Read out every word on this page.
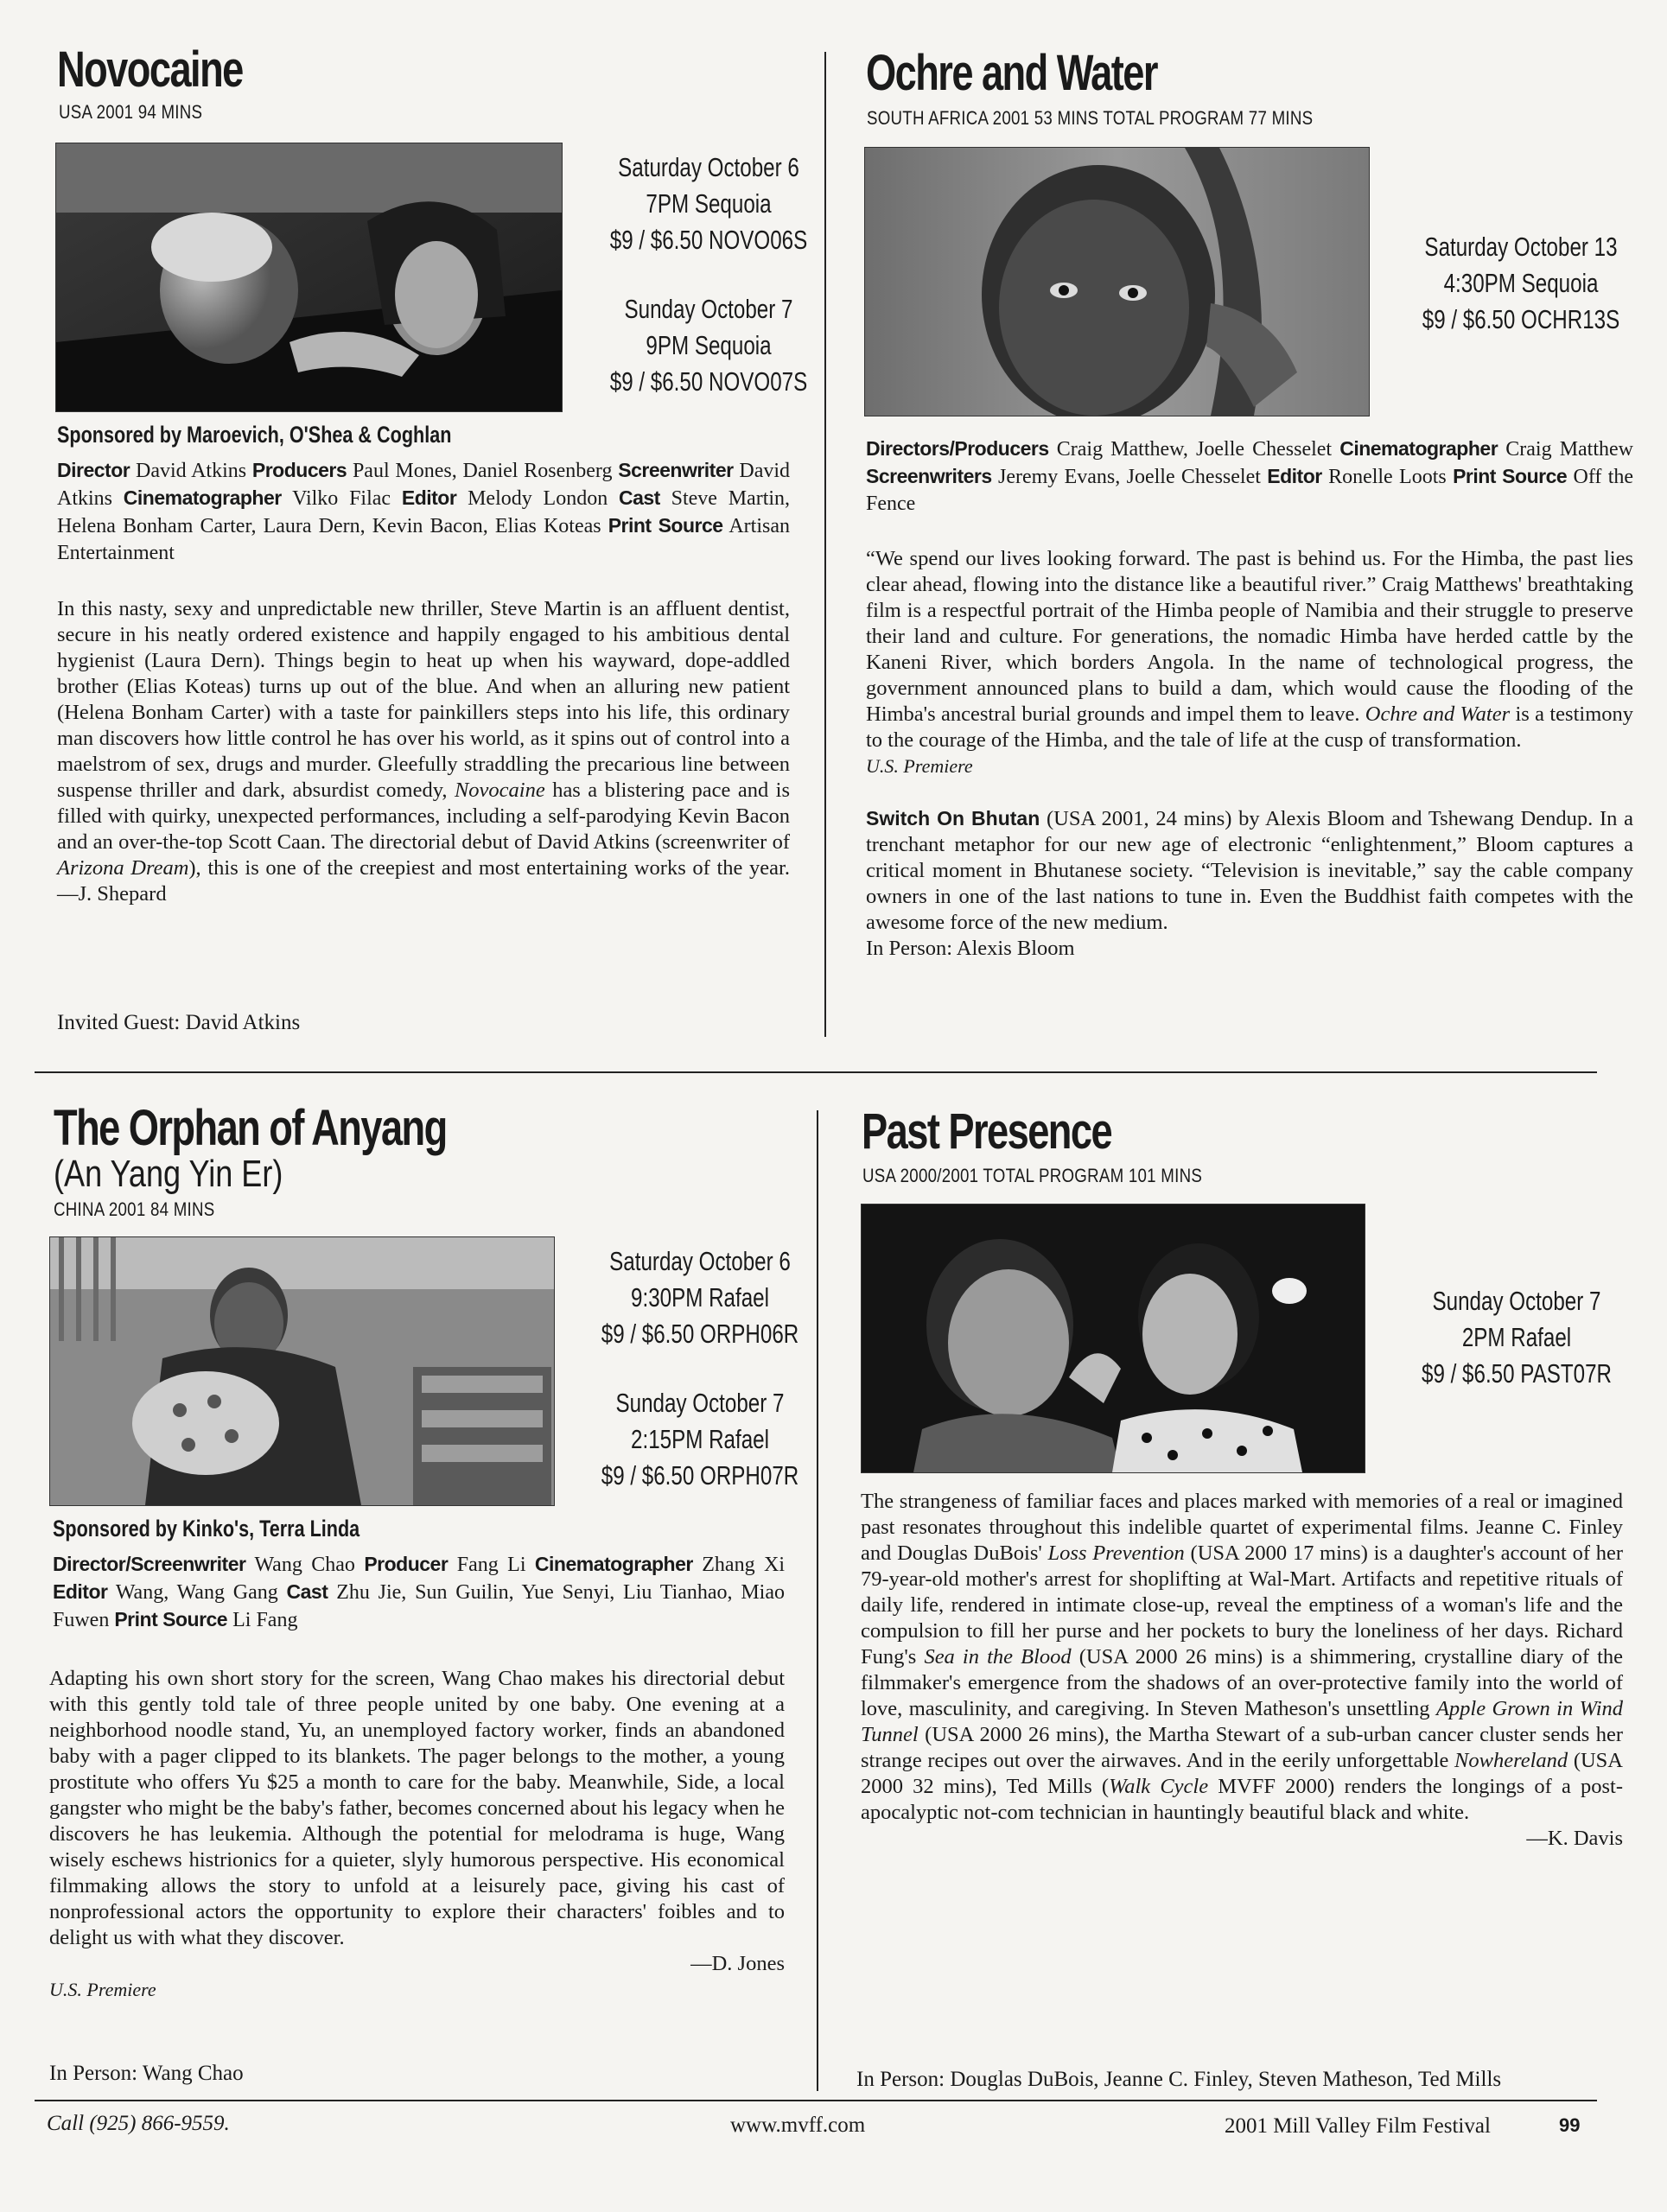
Novocaine
USA 2001 94 MINS
Saturday October 6
7PM Sequoia
$9 / $6.50 NOVO06S
Sunday October 7
9PM Sequoia
$9 / $6.50 NOVO07S
Sponsored by Maroevich, O'Shea & Coghlan
Director David Atkins Producers Paul Mones, Daniel Rosenberg Screenwriter David Atkins Cinematographer Vilko Filac Editor Melody London Cast Steve Martin, Helena Bonham Carter, Laura Dern, Kevin Bacon, Elias Koteas Print Source Artisan Entertainment

In this nasty, sexy and unpredictable new thriller, Steve Martin is an affluent dentist, secure in his neatly ordered existence and happily engaged to his ambitious dental hygienist (Laura Dern). Things begin to heat up when his wayward, dope-addled brother (Elias Koteas) turns up out of the blue. And when an alluring new patient (Helena Bonham Carter) with a taste for painkillers steps into his life, this ordinary man discovers how little control he has over his world, as it spins out of control into a maelstrom of sex, drugs and murder. Gleefully straddling the precarious line between suspense thriller and dark, absurdist comedy, Novocaine has a blistering pace and is filled with quirky, unexpected performances, including a self-parodying Kevin Bacon and an over-the-top Scott Caan. The directorial debut of David Atkins (screenwriter of Arizona Dream), this is one of the creepiest and most entertaining works of the year.—J. Shepard

Invited Guest: David Atkins
Ochre and Water
SOUTH AFRICA 2001 53 MINS TOTAL PROGRAM 77 MINS
Saturday October 13
4:30PM Sequoia
$9 / $6.50 OCHR13S
Directors/Producers Craig Matthew, Joelle Chesselet Cinematographer Craig Matthew Screenwriters Jeremy Evans, Joelle Chesselet Editor Ronelle Loots Print Source Off the Fence

“We spend our lives looking forward. The past is behind us. For the Himba, the past lies clear ahead, flowing into the distance like a beautiful river.” Craig Matthews' breathtaking film is a respectful portrait of the Himba people of Namibia and their struggle to preserve their land and culture. For generations, the nomadic Himba have herded cattle by the Kaneni River, which borders Angola. In the name of technological progress, the government announced plans to build a dam, which would cause the flooding of the Himba's ancestral burial grounds and impel them to leave. Ochre and Water is a testimony to the courage of the Himba, and the tale of life at the cusp of transformation.

U.S. Premiere

Switch On Bhutan (USA 2001, 24 mins) by Alexis Bloom and Tshewang Dendup. In a trenchant metaphor for our new age of electronic “enlightenment,” Bloom captures a critical moment in Bhutanese society. “Television is inevitable,” say the cable company owners in one of the last nations to tune in. Even the Buddhist faith competes with the awesome force of the new medium.

In Person: Alexis Bloom

The Orphan of Anyang
(An Yang Yin Er)
CHINA 2001 84 MINS
Saturday October 6
9:30PM Rafael
$9 / $6.50 ORPH06R
Sunday October 7
2:15PM Rafael
$9 / $6.50 ORPH07R
Sponsored by Kinko's, Terra Linda
Director/Screenwriter Wang Chao Producer Fang Li Cinematographer Zhang Xi Editor Wang, Wang Gang Cast Zhu Jie, Sun Guilin, Yue Senyi, Liu Tianhao, Miao Fuwen Print Source Li Fang

Adapting his own short story for the screen, Wang Chao makes his directorial debut with this gently told tale of three people united by one baby. One evening at a neighborhood noodle stand, Yu, an unemployed factory worker, finds an abandoned baby with a pager clipped to its blankets. The pager belongs to the mother, a young prostitute who offers Yu $25 a month to care for the baby. Meanwhile, Side, a local gangster who might be the baby's father, becomes concerned about his legacy when he discovers he has leukemia. Although the potential for melodrama is huge, Wang wisely eschews histrionics for a quieter, slyly humorous perspective. His economical filmmaking allows the story to unfold at a leisurely pace, giving his cast of nonprofessional actors the opportunity to explore their characters' foibles and to delight us with what they discover.

—D. Jones

U.S. Premiere

In Person: Wang Chao
Past Presence
USA 2000/2001 TOTAL PROGRAM 101 MINS
Sunday October 7
2PM Rafael
$9 / $6.50 PAST07R

The strangeness of familiar faces and places marked with memories of a real or imagined past resonates throughout this indelible quartet of experimental films. Jeanne C. Finley and Douglas DuBois' Loss Prevention (USA 2000 17 mins) is a daughter's account of her 79-year-old mother's arrest for shoplifting at Wal-Mart. Artifacts and repetitive rituals of daily life, rendered in intimate close-up, reveal the emptiness of a woman's life and the compulsion to fill her purse and her pockets to bury the loneliness of her days. Richard Fung's Sea in the Blood (USA 2000 26 mins) is a shimmering, crystalline diary of the filmmaker's emergence from the shadows of an over-protective family into the world of love, masculinity, and caregiving. In Steven Matheson's unsettling Apple Grown in Wind Tunnel (USA 2000 26 mins), the Martha Stewart of a sub-urban cancer cluster sends her strange recipes out over the airwaves. And in the eerily unforgettable Nowhereland (USA 2000 32 mins), Ted Mills (Walk Cycle MVFF 2000) renders the longings of a post-apocalyptic not-com technician in hauntingly beautiful black and white.

—K. Davis
In Person: Douglas DuBois, Jeanne C. Finley, Steven Matheson, Ted Mills
Call (925) 866-9559.	www.mvff.com	2001 Mill Valley Film Festival	99
